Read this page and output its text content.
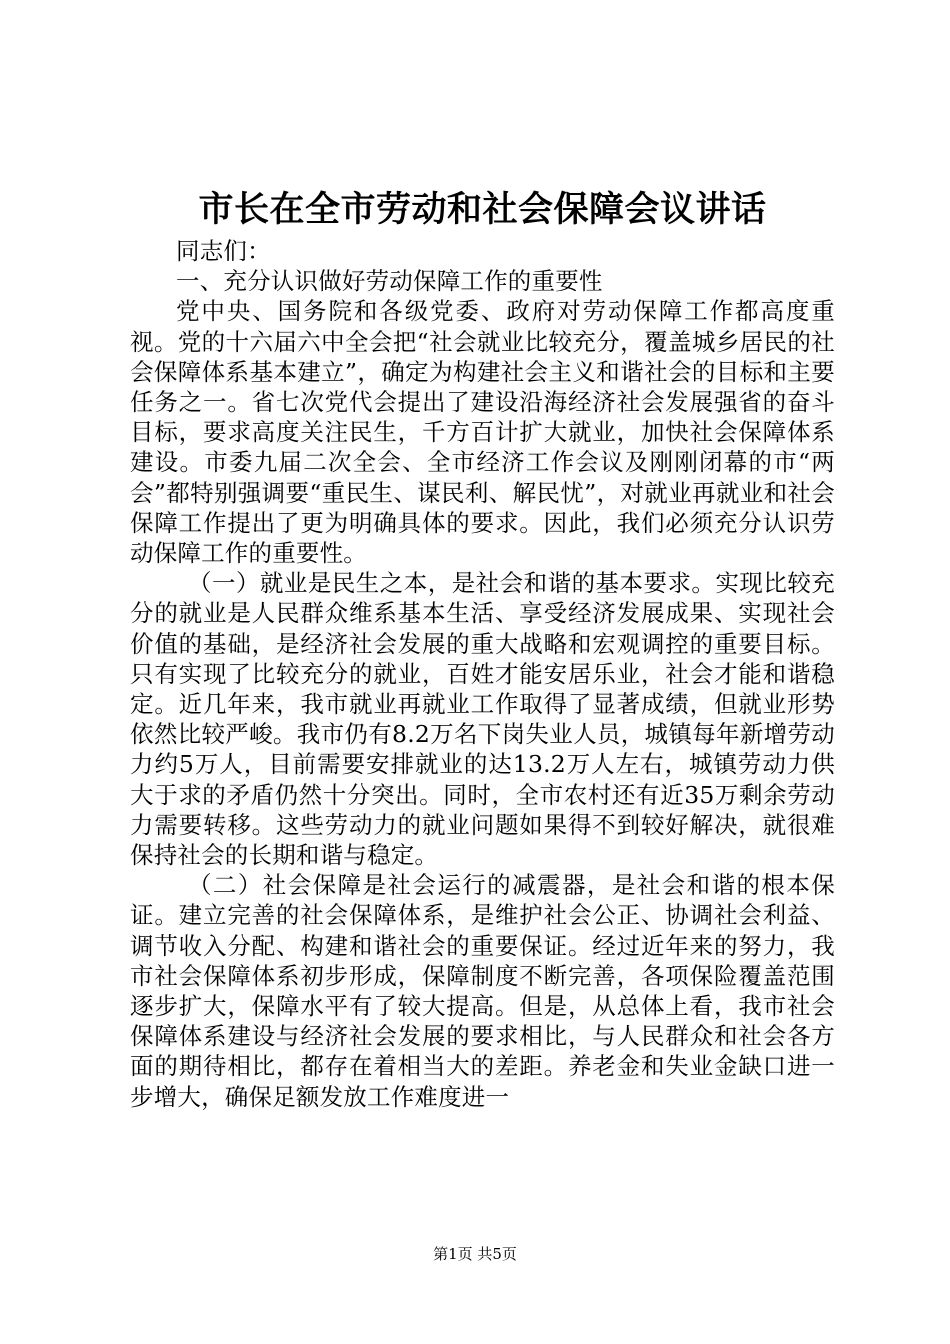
市长在全市劳动和社会保障会议讲话

同志们：

一、充分认识做好劳动保障工作的重要性

党中央、国务院和各级党委、政府对劳动保障工作都高度重视。党的十六届六中全会把“社会就业比较充分，覆盖城乡居民的社会保障体系基本建立”，确定为构建社会主义和谐社会的目标和主要任务之一。省七次党代会提出了建设沿海经济社会发展强省的奋斗目标，要求高度关注民生，千方百计扩大就业，加快社会保障体系建设。市委九届二次全会、全市经济工作会议及刚刚闭幕的市“两会”都特别强调要“重民生、谋民利、解民忧”，对就业再就业和社会保障工作提出了更为明确具体的要求。因此，我们必须充分认识劳动保障工作的重要性。

（一）就业是民生之本，是社会和谐的基本要求。实现比较充分的就业是人民群众维系基本生活、享受经济发展成果、实现社会价值的基础，是经济社会发展的重大战略和宏观调控的重要目标。只有实现了比较充分的就业，百姓才能安居乐业，社会才能和谐稳定。近几年来，我市就业再就业工作取得了显著成绩，但就业形势依然比较严峻。我市仍有8.2万名下岗失业人员，城镇每年新增劳动力约5万人，目前需要安排就业的达13.2万人左右，城镇劳动力供大于求的矛盾仍然十分突出。同时，全市农村还有近35万剩余劳动力需要转移。这些劳动力的就业问题如果得不到较好解决，就很难保持社会的长期和谐与稳定。

（二）社会保障是社会运行的减震器，是社会和谐的根本保证。建立完善的社会保障体系，是维护社会公正、协调社会利益、调节收入分配、构建和谐社会的重要保证。经过近年来的努力，我市社会保障体系初步形成，保障制度不断完善，各项保险覆盖范围逐步扩大，保障水平有了较大提高。但是，从总体上看，我市社会保障体系建设与经济社会发展的要求相比，与人民群众和社会各方面的期待相比，都存在着相当大的差距。养老金和失业金缺口进一步增大，确保足额发放工作难度进一

第1页 共5页
